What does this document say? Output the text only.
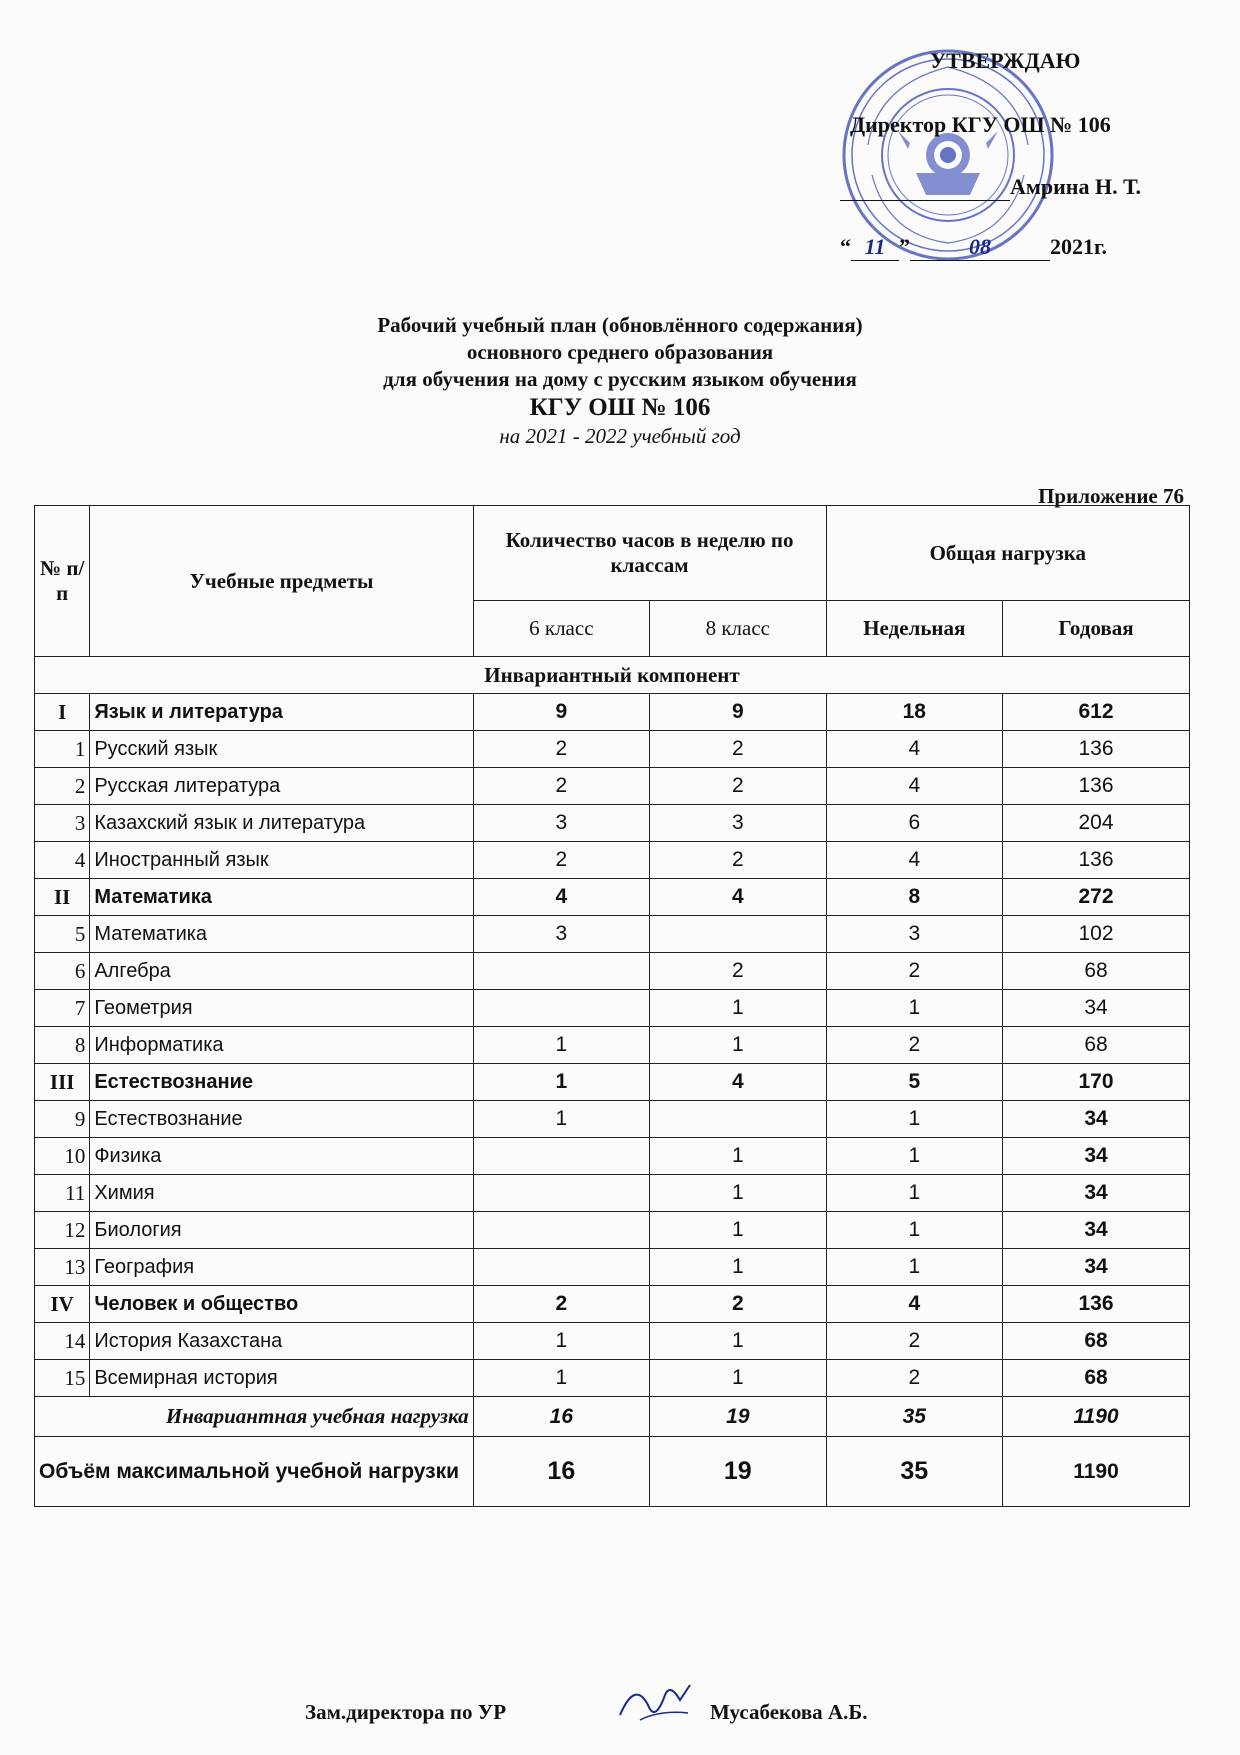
УТВЕРЖДАЮ
Директор КГУ ОШ № 106
Амрина Н. Т.
“ 11 ”	08	2021г.
Рабочий учебный план (обновлённого содержания)
основного среднего образования
для обучения на дому с русским языком обучения
КГУ ОШ № 106
на 2021 - 2022 учебный год
Приложение 76
№ п/п	Учебные предметы	Количество часов в неделю по классам		Общая нагрузка	
		6 класс	8 класс	Недельная	Годовая
Инвариантный компонент					
I	Язык и литература	9	9	18	612
1	Русский язык	2	2	4	136
2	Русская литература	2	2	4	136
3	Казахский язык и литература	3	3	6	204
4	Иностранный язык	2	2	4	136
II	Математика	4	4	8	272
5	Математика	3		3	102
6	Алгебра		2	2	68
7	Геометрия		1	1	34
8	Информатика	1	1	2	68
III	Естествознание	1	4	5	170
9	Естествознание	1		1	34
10	Физика		1	1	34
11	Химия		1	1	34
12	Биология		1	1	34
13	География		1	1	34
IV	Человек и общество	2	2	4	136
14	История Казахстана	1	1	2	68
15	Всемирная история	1	1	2	68
Инвариантная учебная нагрузка		16	19	35	1190
Объём максимальной учебной нагрузки		16	19	35	1190
Зам.директора по УР	Мусабекова А.Б.
